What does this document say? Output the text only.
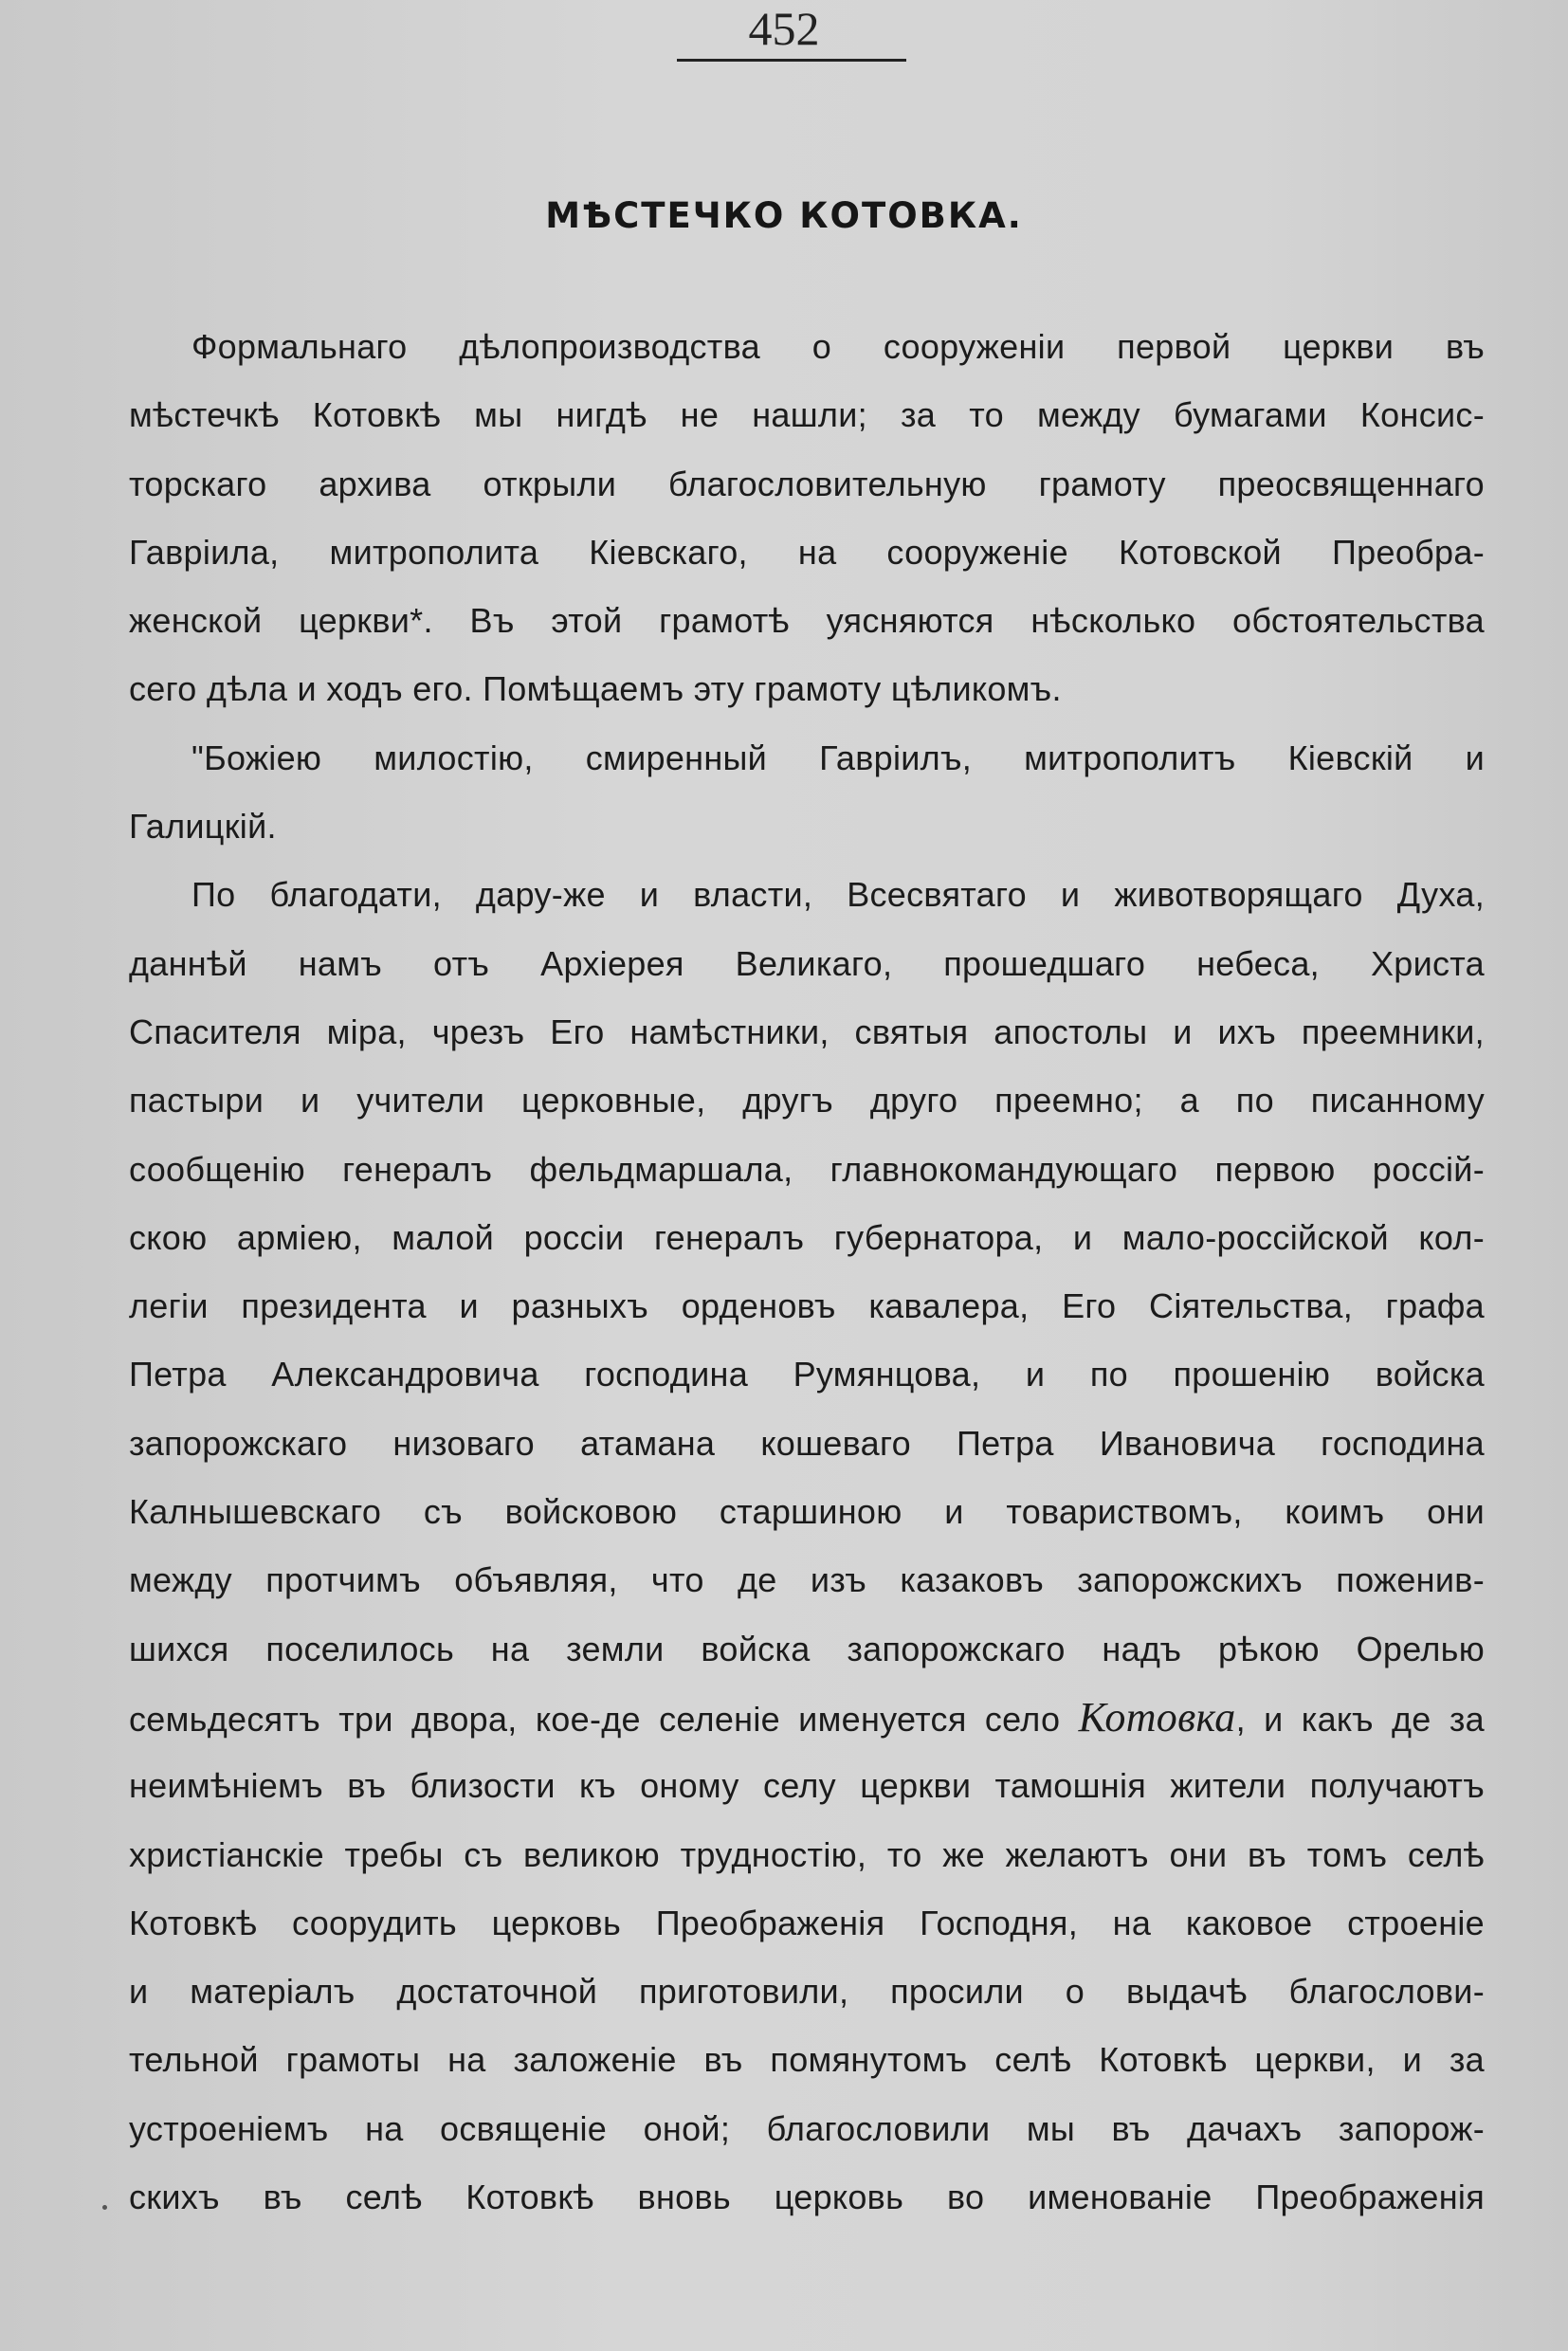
452
МѢСТЕЧКО КОТОВКА.
Формальнаго дѣлопроизводства о сооруженіи первой церкви въ
мѣстечкѣ Котовкѣ мы нигдѣ не нашли; за то между бумагами Консис-
торскаго архива открыли благословительную грамоту преосвященнаго
Гавріила, митрополита Кіевскаго, на сооруженіе Котовской Преобра-
женской церкви*. Въ этой грамотѣ уясняются нѣсколько обстоятельства
сего дѣла и ходъ его. Помѣщаемъ эту грамоту цѣликомъ.
"Божіею милостію, смиренный Гавріилъ, митрополитъ Кіевскій и
Галицкій.
По благодати, дару-же и власти, Всесвятаго и животворящаго Духа,
даннѣй намъ отъ Архіерея Великаго, прошедшаго небеса, Христа
Спасителя міра, чрезъ Его намѣстники, святыя апостолы и ихъ преемники,
пастыри и учители церковные, другъ друго преемно; а по писанному
сообщенію генералъ фельдмаршала, главнокомандующаго первою россій-
скою арміею, малой россіи генералъ губернатора, и мало-россійской кол-
легіи президента и разныхъ орденовъ кавалера, Его Сіятельства, графа
Петра Александровича господина Румянцова, и по прошенію войска
запорожскаго низоваго атамана кошеваго Петра Ивановича господина
Калнышевскаго съ войсковою старшиною и товариствомъ, коимъ они
между протчимъ объявляя, что де изъ казаковъ запорожскихъ поженив-
шихся поселилось на земли войска запорожскаго надъ рѣкою Орелью
семьдесятъ три двора, кое-де селеніе именуется село Котовка, и какъ де за
неимѣніемъ въ близости къ оному селу церкви тамошнія жители получаютъ
христіанскіе требы съ великою трудностію, то же желаютъ они въ томъ селѣ
Котовкѣ соорудить церковь Преображенія Господня, на каковое строеніе
и матеріалъ достаточной приготовили, просили о выдачѣ благослови-
тельной грамоты на заложеніе въ помянутомъ селѣ Котовкѣ церкви, и за
устроеніемъ на освященіе оной; благословили мы въ дачахъ запорож-
скихъ въ селѣ Котовкѣ вновь церковь во именованіе Преображенія
